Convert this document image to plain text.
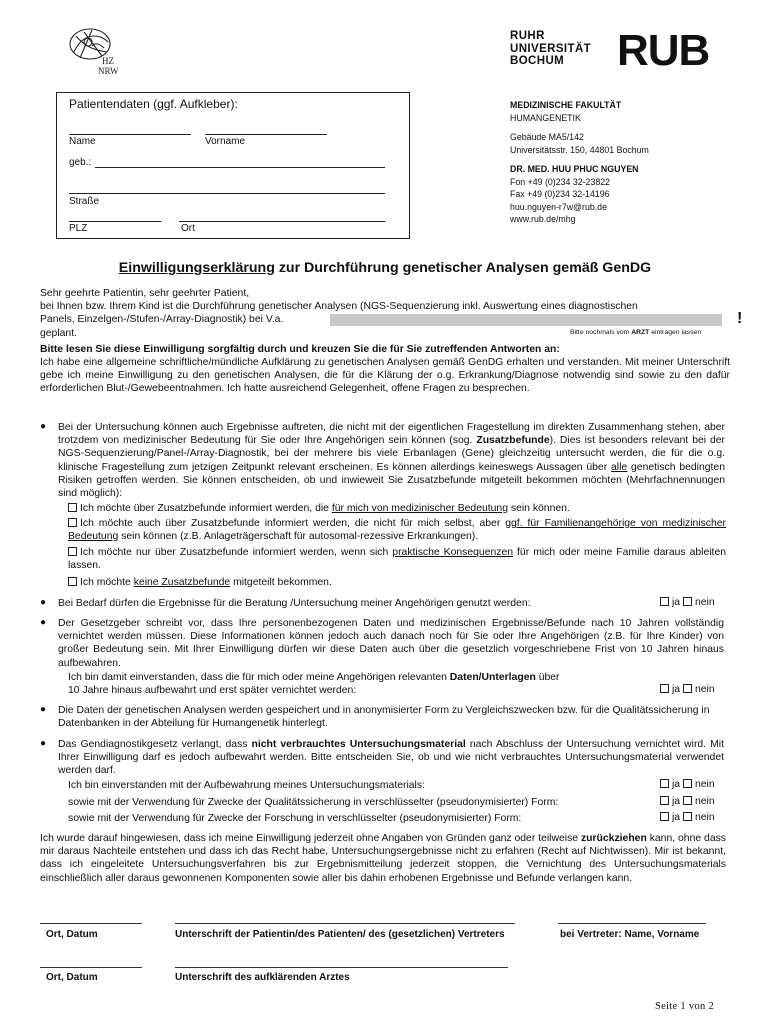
HZ
NRW
RUHR
UNIVERSITÄT
BOCHUM	RUB
Patientendaten (ggf. Aufkleber):
Name	Vorname
geb.:
Straße
PLZ	Ort
MEDIZINISCHE FAKULTÄT
HUMANGENETIK
Gebäude MA5/142
Universitätsstr. 150, 44801 Bochum
DR. MED. HUU PHUC NGUYEN
Fon +49 (0)234 32-23822
Fax +49 (0)234 32-14196
huu.nguyen-r7w@rub.de
www.rub.de/mhg
Einwilligungserklärung zur Durchführung genetischer Analysen gemäß GenDG
Sehr geehrte Patientin, sehr geehrter Patient,
bei Ihnen bzw. Ihrem Kind ist die Durchführung genetischer Analysen (NGS-Sequenzierung inkl. Auswertung eines diagnostischen
Panels, Einzelgen-/Stufen-/Array-Diagnostik) bei V.a.
geplant.	Bitte nochmals vom ARZT eintragen lassen
!
Bitte lesen Sie diese Einwilligung sorgfältig durch und kreuzen Sie die für Sie zutreffenden Antworten an:
Ich habe eine allgemeine schriftliche/mündliche Aufklärung zu genetischen Analysen gemäß GenDG erhalten und verstanden. Mit meiner Unterschrift gebe ich meine Einwilligung zu den genetischen Analysen, die für die Klärung der o.g. Erkrankung/Diagnose notwendig sind sowie zu den dafür erforderlichen Blut-/Gewebeentnahmen. Ich hatte ausreichend Gelegenheit, offene Fragen zu besprechen.
● Bei der Untersuchung können auch Ergebnisse auftreten, die nicht mit der eigentlichen Fragestellung im direkten Zusammenhang stehen, aber trotzdem von medizinischer Bedeutung für Sie oder Ihre Angehörigen sein können (sog. Zusatzbefunde). Dies ist besonders relevant bei der NGS-Sequenzierung/Panel-/Array-Diagnostik, bei der mehrere bis viele Erbanlagen (Gene) gleichzeitig untersucht werden, die für die o.g. klinische Fragestellung zum jetzigen Zeitpunkt relevant erscheinen. Es können allerdings keineswegs Aussagen über alle genetisch bedingten Risiken getroffen werden. Sie können entscheiden, ob und inwieweit Sie Zusatzbefunde mitgeteilt bekommen möchten (Mehrfachnennungen sind möglich):
Ich möchte über Zusatzbefunde informiert werden, die für mich von medizinischer Bedeutung sein können.
Ich möchte auch über Zusatzbefunde informiert werden, die nicht für mich selbst, aber ggf. für Familienangehörige von medizinischer Bedeutung sein können (z.B. Anlageträgerschaft für autosomal-rezessive Erkrankungen).
Ich möchte nur über Zusatzbefunde informiert werden, wenn sich praktische Konsequenzen für mich oder meine Familie daraus ableiten lassen.
Ich möchte keine Zusatzbefunde mitgeteilt bekommen.
● Bei Bedarf dürfen die Ergebnisse für die Beratung /Untersuchung meiner Angehörigen genutzt werden:	ja nein
● Der Gesetzgeber schreibt vor, dass Ihre personenbezogenen Daten und medizinischen Ergebnisse/Befunde nach 10 Jahren vollständig vernichtet werden müssen. Diese Informationen können jedoch auch danach noch für Sie oder Ihre Angehörigen (z.B. für Ihre Kinder) von großer Bedeutung sein. Mit Ihrer Einwilligung dürfen wir diese Daten auch über die gesetzlich vorgeschriebene Frist von 10 Jahren hinaus aufbewahren.
Ich bin damit einverstanden, dass die für mich oder meine Angehörigen relevanten Daten/Unterlagen über
10 Jahre hinaus aufbewahrt und erst später vernichtet werden:	ja nein
● Die Daten der genetischen Analysen werden gespeichert und in anonymisierter Form zu Vergleichszwecken bzw. für die Qualitätssicherung in Datenbanken in der Abteilung für Humangenetik hinterlegt.
● Das Gendiagnostikgesetz verlangt, dass nicht verbrauchtes Untersuchungsmaterial nach Abschluss der Untersuchung vernichtet wird. Mit Ihrer Einwilligung darf es jedoch aufbewahrt werden. Bitte entscheiden Sie, ob und wie nicht verbrauchtes Untersuchungsmaterial verwendet werden darf.
Ich bin einverstanden mit der Aufbewahrung meines Untersuchungsmaterials:	ja nein
sowie mit der Verwendung für Zwecke der Qualitätssicherung in verschlüsselter (pseudonymisierter) Form:	ja nein
sowie mit der Verwendung für Zwecke der Forschung in verschlüsselter (pseudonymisierter) Form:	ja nein
Ich wurde darauf hingewiesen, dass ich meine Einwilligung jederzeit ohne Angaben von Gründen ganz oder teilweise zurückziehen kann, ohne dass mir daraus Nachteile entstehen und dass ich das Recht habe, Untersuchungsergebnisse nicht zu erfahren (Recht auf Nichtwissen). Mir ist bekannt, dass ich eingeleitete Untersuchungsverfahren bis zur Ergebnismitteilung jederzeit stoppen, die Vernichtung des Untersuchungsmaterials einschließlich aller daraus gewonnenen Komponenten sowie aller bis dahin erhobenen Ergebnisse und Befunde verlangen kann.
Ort, Datum	Unterschrift der Patientin/des Patienten/ des (gesetzlichen) Vertreters	bei Vertreter: Name, Vorname
Ort, Datum	Unterschrift des aufklärenden Arztes
Seite 1 von 2
